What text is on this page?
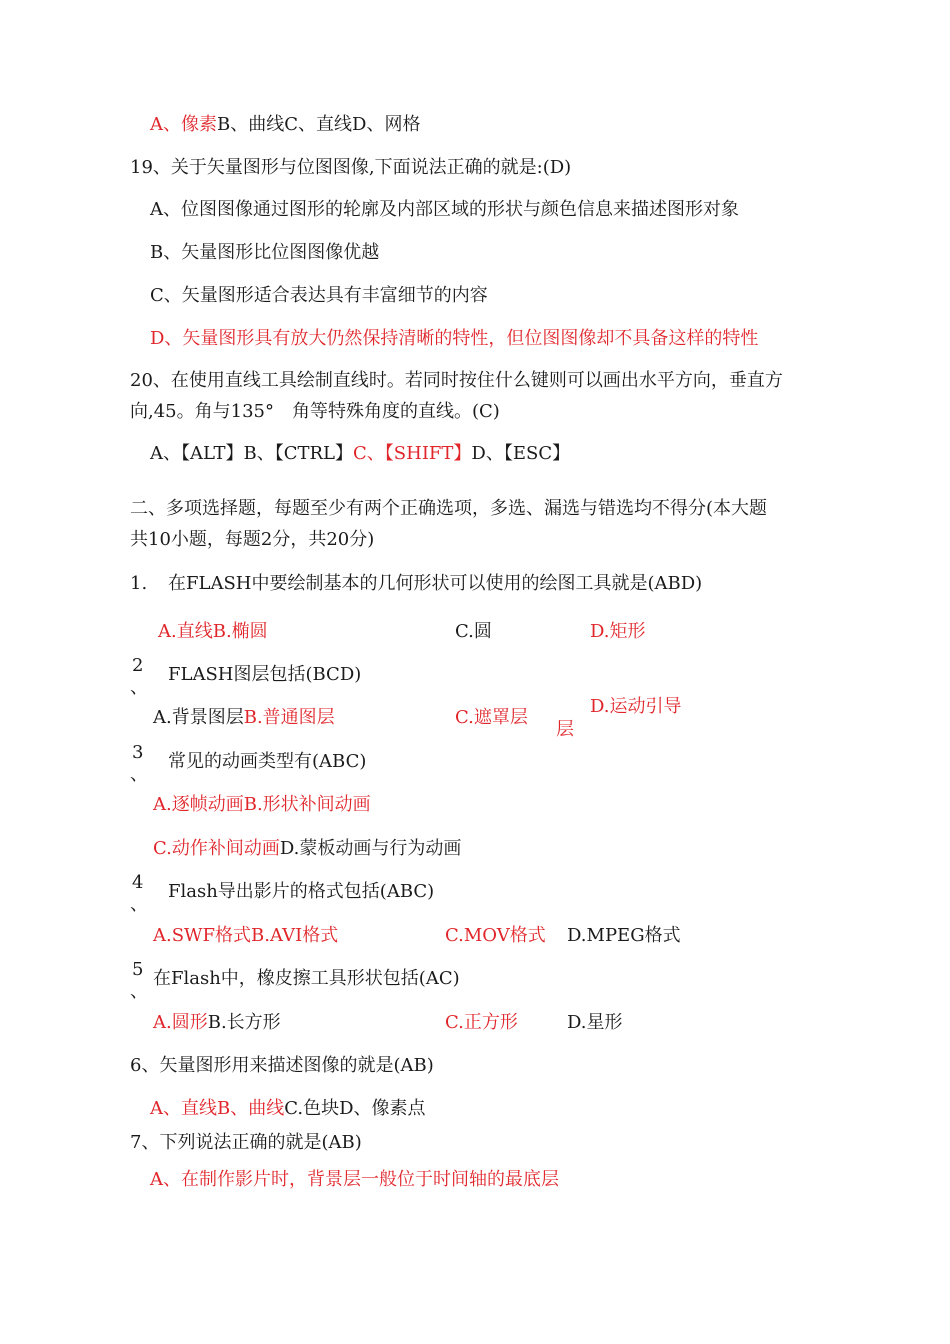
A、像素B、曲线C、直线D、网格
19、关于矢量图形与位图图像,下面说法正确的就是:(D)
A、位图图像通过图形的轮廓及内部区域的形状与颜色信息来描述图形对象
B、矢量图形比位图图像优越
C、矢量图形适合表达具有丰富细节的内容
D、矢量图形具有放大仍然保持清晰的特性，但位图图像却不具备这样的特性
20、在使用直线工具绘制直线时。若同时按住什么键则可以画出水平方向，垂直方
向,45。角与135°　角等特殊角度的直线。(C)
A、【ALT】B、【CTRL】C、【SHIFT】D、【ESC】
二、多项选择题，每题至少有两个正确选项，多选、漏选与错选均不得分(本大题
共10小题，每题2分，共20分)
1. 在FLASH中要绘制基本的几何形状可以使用的绘图工具就是(ABD)
A.直线B.椭圆	C.圆	D.矩形
2
、
FLASH图层包括(BCD)
A.背景图层B.普通图层	C.遮罩层
D.运动引导
层
3
、
常见的动画类型有(ABC)
A.逐帧动画B.形状补间动画
C.动作补间动画D.蒙板动画与行为动画
4
、
Flash导出影片的格式包括(ABC)
A.SWF格式B.AVI格式	C.MOV格式 D.MPEG格式
5
、
在Flash中，橡皮擦工具形状包括(AC)
A.圆形B.长方形	C.正方形	D.星形
6、矢量图形用来描述图像的就是(AB)
A、直线B、曲线C.色块D、像素点
7、下列说法正确的就是(AB)
A、在制作影片时，背景层一般位于时间轴的最底层
